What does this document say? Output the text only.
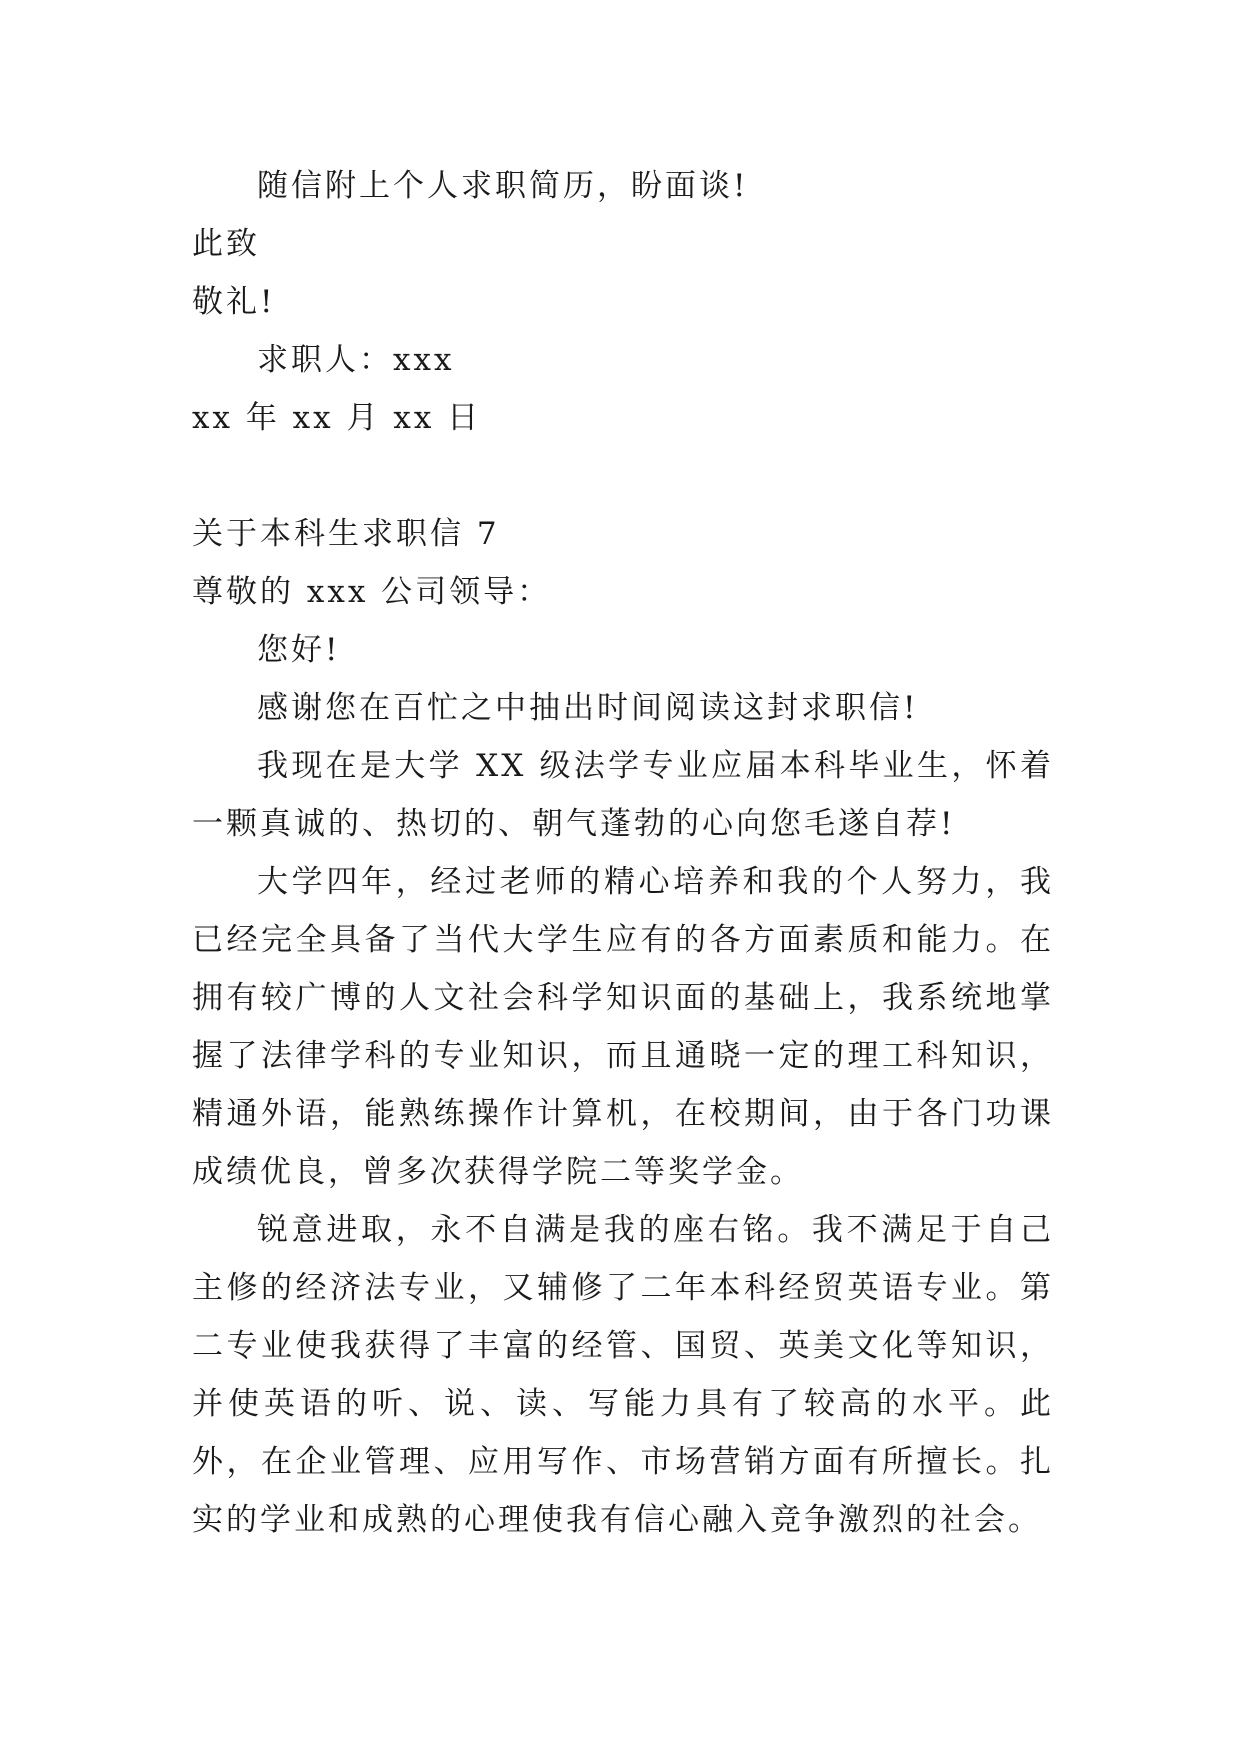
随信附上个人求职简历，盼面谈!
此致
敬礼!
求职人：xxx
xx 年 xx 月 xx 日
关于本科生求职信 7
尊敬的 xxx 公司领导：
您好!
感谢您在百忙之中抽出时间阅读这封求职信!
我现在是大学 XX 级法学专业应届本科毕业生，怀着一颗真诚的、热切的、朝气蓬勃的心向您毛遂自荐!
大学四年，经过老师的精心培养和我的个人努力，我已经完全具备了当代大学生应有的各方面素质和能力。在拥有较广博的人文社会科学知识面的基础上，我系统地掌握了法律学科的专业知识，而且通晓一定的理工科知识，精通外语，能熟练操作计算机，在校期间，由于各门功课成绩优良，曾多次获得学院二等奖学金。
锐意进取，永不自满是我的座右铭。我不满足于自己主修的经济法专业，又辅修了二年本科经贸英语专业。第二专业使我获得了丰富的经管、国贸、英美文化等知识，并使英语的听、说、读、写能力具有了较高的水平。此外，在企业管理、应用写作、市场营销方面有所擅长。扎实的学业和成熟的心理使我有信心融入竞争激烈的社会。
